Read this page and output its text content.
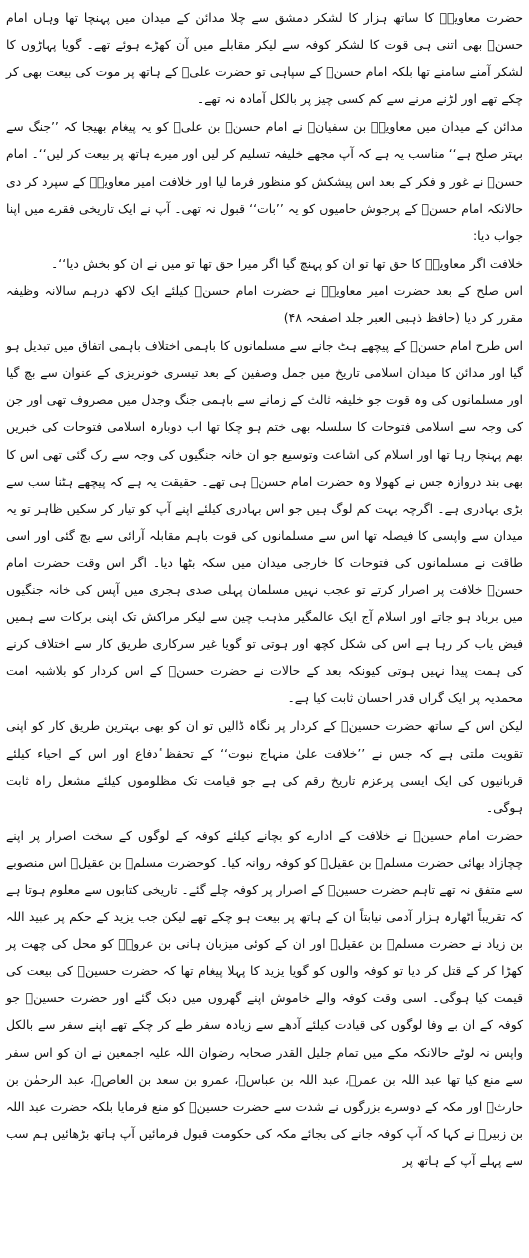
حضرت معاویہؓ کا ساتھ ہزار کا لشکر دمشق سے چلا مدائن کے میدان میں پہنچا تھا وہاں امام حسنؓ بھی اتنی ہی قوت کا لشکر کوفہ سے لیکر مقابلے میں آن کھڑے ہوئے تھے۔ گویا پہاڑوں کا لشکر آمنے سامنے تھا بلکہ امام حسنؓ کے سپاہی تو حضرت علیؓ کے ہاتھ پر موت کی بیعت بھی کر چکے تھے اور لڑنے مرنے سے کم کسی چیز پر بالکل آمادہ نہ تھے۔

مدائن کے میدان میں معاویہؓ بن سفیانؓ نے امام حسنؓ بن علیؓ کو یہ پیغام بھیجا کہ ’’جنگ سے بہتر صلح ہے‘‘ مناسب یہ ہے کہ آپ مجھے خلیفہ تسلیم کر لیں اور میرے ہاتھ پر بیعت کر لیں‘‘۔ امام حسنؓ نے غور و فکر کے بعد اس پیشکش کو منظور فرما لیا اور خلافت امیر معاویہؓ کے سپرد کر دی حالانکہ امام حسنؓ کے پرجوش حامیوں کو یہ ’’بات‘‘ قبول نہ تھی۔ آپ نے ایک تاریخی فقرے میں اپنا جواب دیا:

خلافت اگر معاویہؓ کا حق تھا تو ان کو پہنچ گیا اگر میرا حق تھا تو میں نے ان کو بخش دیا‘‘۔

اس صلح کے بعد حضرت امیر معاویہؓ نے حضرت امام حسنؓ کیلئے ایک لاکھ درہم سالانہ وظیفہ مقرر کر دیا (حافظ ذہبی العبر جلد اصفحہ ۴۸)

اس طرح امام حسنؓ کے پیچھے ہٹ جانے سے مسلمانوں کا باہمی اختلاف باہمی اتفاق میں تبدیل ہو گیا اور مدائن کا میدان اسلامی تاریخ میں جمل وصفین کے بعد تیسری خونریزی کے عنوان سے بچ گیا اور مسلمانوں کی وہ قوت جو خلیفہ ثالث کے زمانے سے باہمی جنگ وجدل میں مصروف تھی اور جن کی وجہ سے اسلامی فتوحات کا سلسلہ بھی ختم ہو چکا تھا اب دوبارہ اسلامی فتوحات کی خبریں بھم پہنچا رہا تھا اور اسلام کی اشاعت وتوسیع جو ان خانہ جنگیوں کی وجہ سے رک گئی تھی اس کا بھی بند دروازہ جس نے کھولا وہ حضرت امام حسنؓ ہی تھے۔ حقیقت یہ ہے کہ پیچھے ہٹنا سب سے بڑی بہادری ہے۔ اگرچہ بہت کم لوگ ہیں جو اس بہادری کیلئے اپنے آپ کو تیار کر سکیں ظاہر تو یہ میدان سے واپسی کا فیصلہ تھا اس سے مسلمانوں کی قوت باہم مقابلہ آرائی سے بچ گئی اور اسی طاقت نے مسلمانوں کی فتوحات کا خارجی میدان میں سکہ بٹھا دیا۔ اگر اس وقت حضرت امام حسنؓ خلافت پر اصرار کرتے تو عجب نہیں مسلمان پہلی صدی ہجری میں آپس کی خانہ جنگیوں میں برباد ہو جاتے اور اسلام آج ایک عالمگیر مذہب چین سے لیکر مراکش تک اپنی برکات سے ہمیں فیض یاب کر رہا ہے اس کی شکل کچھ اور ہوتی تو گویا غیر سرکاری طریق کار سے اختلاف کرنے کی ہمت پیدا نہیں ہوتی کیونکہ بعد کے حالات نے حضرت حسنؓ کے اس کردار کو بلاشبہ امت محمدیہ پر ایک گراں قدر احسان ثابت کیا ہے۔

لیکن اس کے ساتھ حضرت حسینؓ کے کردار پر نگاہ ڈالیں تو ان کو بھی بہترین طریق کار کو اپنی تقویت ملتی ہے کہ جس نے ’’خلافت علیٰ منہاج نبوت‘‘ کے تحفظ ٔدفاع اور اس کے احیاء کیلئے قربانیوں کی ایک ایسی پرعزم تاریخ رقم کی ہے جو قیامت تک مظلوموں کیلئے مشعل راہ ثابت ہوگی۔

حضرت امام حسینؓ نے خلافت کے ادارے کو بچانے کیلئے کوفہ کے لوگوں کے سخت اصرار پر اپنے چچازاد بھائی حضرت مسلمؓ بن عقیلؓ کو کوفہ روانہ کیا۔ کوحضرت مسلمؓ بن عقیلؓ اس منصوبے سے متفق نہ تھے تاہم حضرت حسینؓ کے اصرار پر کوفہ چلے گئے۔ تاریخی کتابوں سے معلوم ہوتا ہے کہ تقریباً اٹھارہ ہزار آدمی نیابتاً ان کے ہاتھ پر بیعت ہو چکے تھے لیکن جب یزید کے حکم پر عبید اللہ بن زیاد نے حضرت مسلمؓ بن عقیلؓ اور ان کے کوئی میزبان ہانی بن عروہؓ کو محل کی چھت پر کھڑا کر کے قتل کر دیا تو کوفہ والوں کو گویا یزید کا پہلا پیغام تھا کہ حضرت حسینؓ کی بیعت کی قیمت کیا ہوگی۔ اسی وقت کوفہ والے خاموش اپنے گھروں میں دبک گئے اور حضرت حسینؓ جو کوفہ کے ان بے وفا لوگوں کی قیادت کیلئے آدھے سے زیادہ سفر طے کر چکے تھے اپنے سفر سے بالکل واپس نہ لوٹے حالانکہ مکے میں تمام جلیل القدر صحابہ رضوان اللہ علیہ اجمعین نے ان کو اس سفر سے منع کیا تھا عبد اللہ بن عمرؓ، عبد اللہ بن عباسؓ، عمرو بن سعد بن العاصؓ، عبد الرحمٰن بن حارثؓ اور مکہ کے دوسرے بزرگوں نے شدت سے حضرت حسینؓ کو منع فرمایا بلکہ حضرت عبد اللہ بن زبیرؓ نے کہا کہ آپ کوفہ جانے کی بجائے مکہ کی حکومت قبول فرمائیں آپ ہاتھ بڑھائیں ہم سب سے پہلے آپ کے ہاتھ پر
